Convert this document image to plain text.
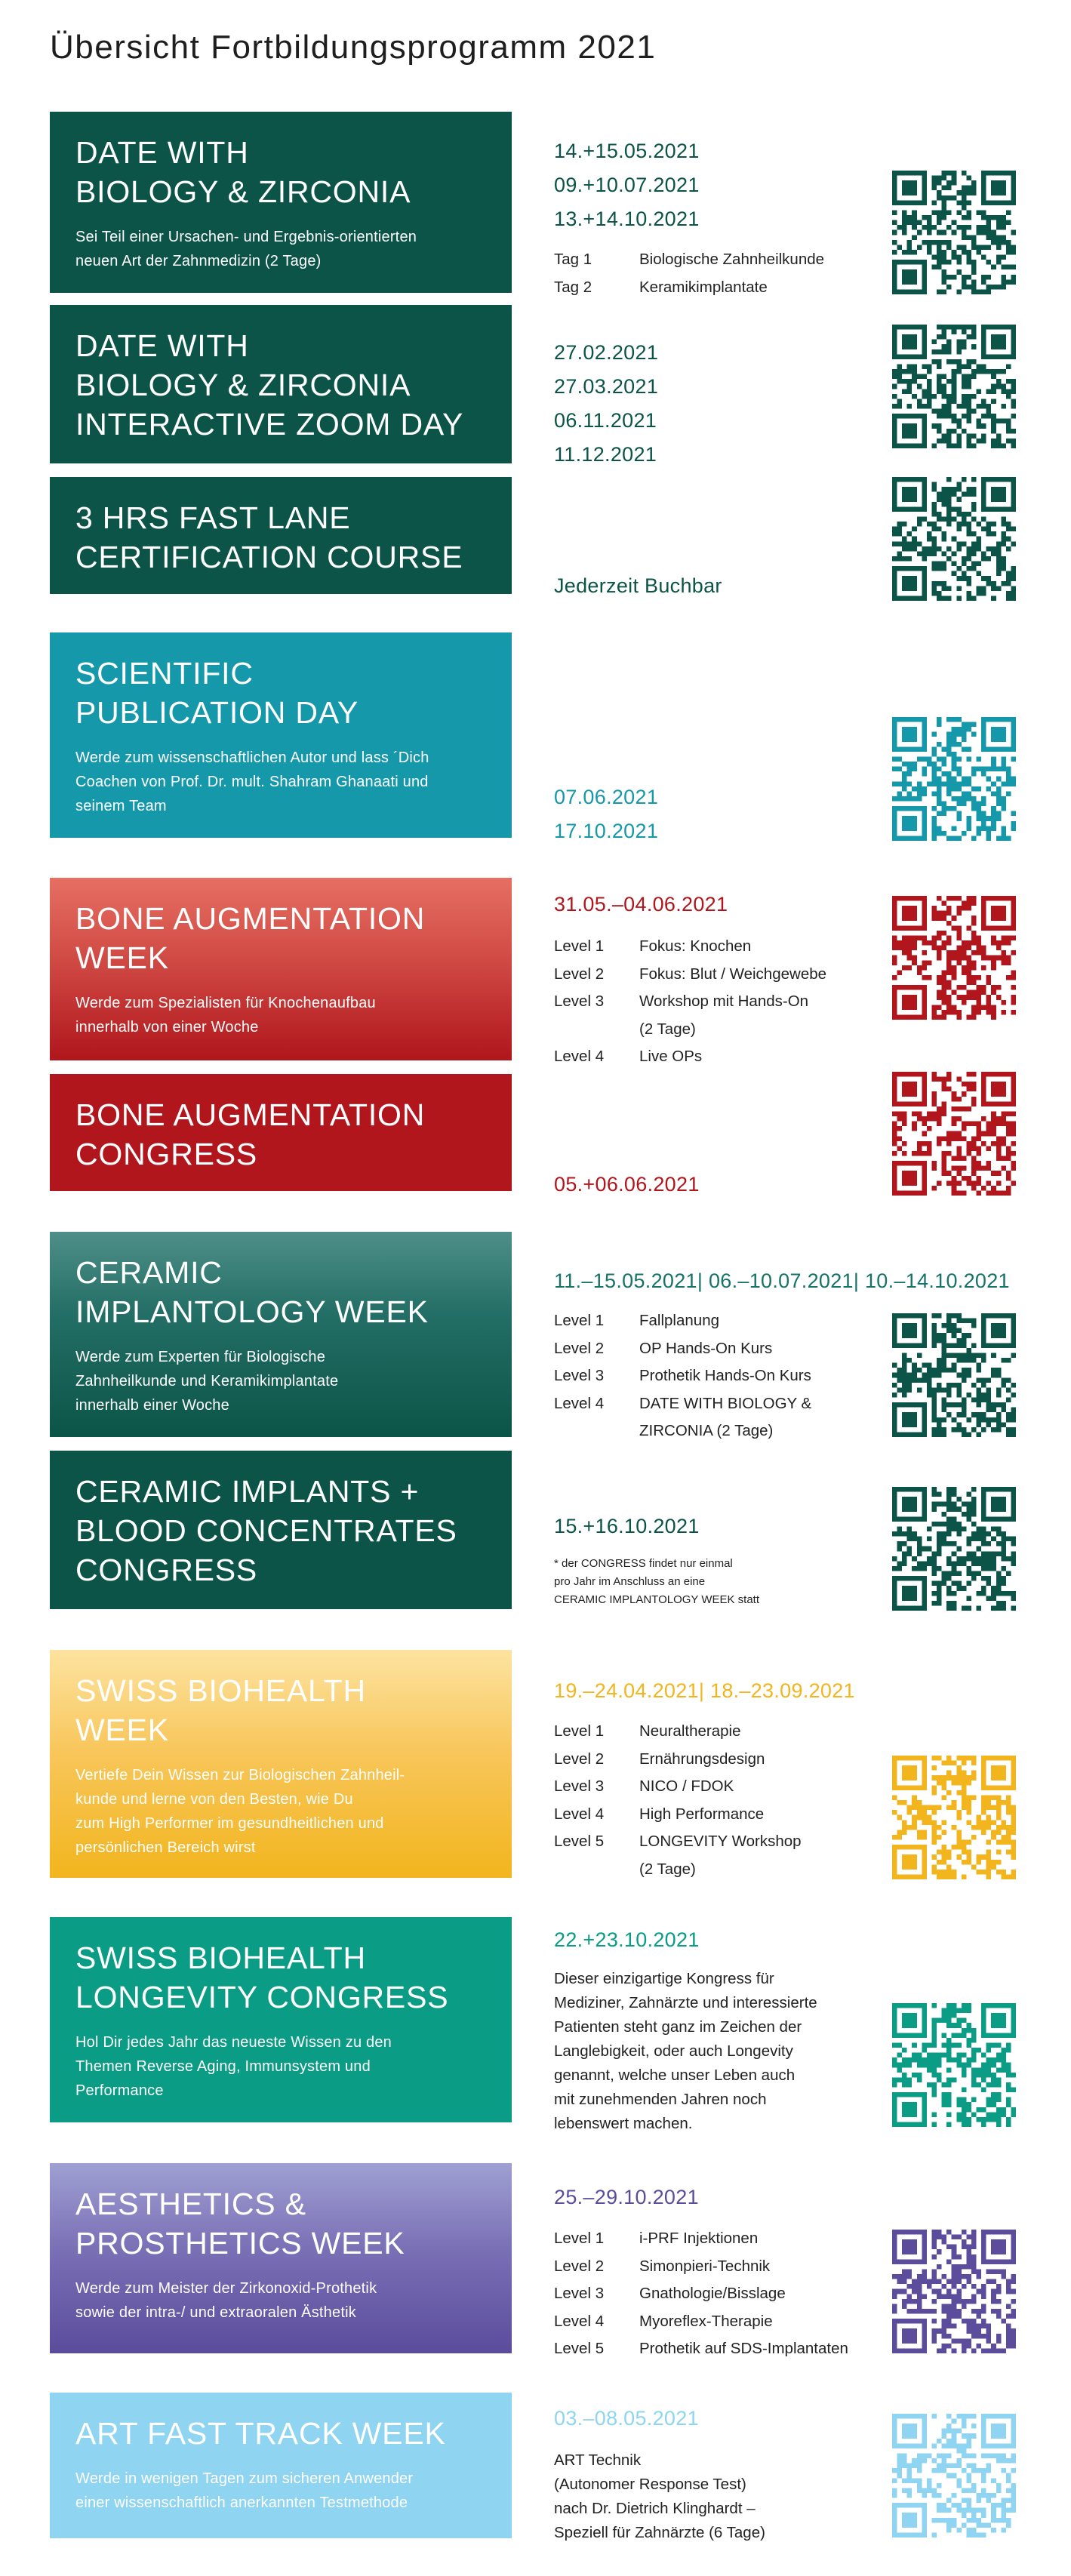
Übersicht Fortbildungsprogramm 2021
DATE WITH
BIOLOGY & ZIRCONIA

Sei Teil einer Ursachen- und Ergebnis-orientierten
neuen Art der Zahnmedizin (2 Tage)

14.+15.05.2021
09.+10.07.2021
13.+14.10.2021
Tag 1	Biologische Zahnheilkunde
Tag 2	Keramikimplantate
DATE WITH
BIOLOGY & ZIRCONIA
INTERACTIVE ZOOM DAY
27.02.2021
27.03.2021
06.11.2021
11.12.2021
3 HRS FAST LANE
CERTIFICATION COURSE
Jederzeit Buchbar
SCIENTIFIC
PUBLICATION DAY

Werde zum wissenschaftlichen Autor und lass ´Dich
Coachen von Prof. Dr. mult. Shahram Ghanaati und
seinem Team	07.06.2021
17.10.2021
BONE AUGMENTATION
WEEK

Werde zum Spezialisten für Knochenaufbau
innerhalb von einer Woche

31.05.–04.06.2021
Level 1	Fokus: Knochen
Level 2	Fokus: Blut / Weichgewebe
Level 3	Workshop mit Hands-On
(2 Tage)
Level 4	Live OPs
BONE AUGMENTATION
CONGRESS
05.+06.06.2021
CERAMIC
IMPLANTOLOGY WEEK

Werde zum Experten für Biologische
Zahnheilkunde und Keramikimplantate
innerhalb einer Woche

11.–15.05.2021| 06.–10.07.2021| 10.–14.10.2021
Level 1	Fallplanung
Level 2	OP Hands-On Kurs
Level 3	Prothetik Hands-On Kurs
Level 4	DATE WITH BIOLOGY &
ZIRCONIA (2 Tage)
CERAMIC IMPLANTS +
BLOOD CONCENTRATES
CONGRESS
15.+16.10.2021
* der CONGRESS findet nur einmal
pro Jahr im Anschluss an eine
CERAMIC IMPLANTOLOGY WEEK statt
SWISS BIOHEALTH
WEEK

Vertiefe Dein Wissen zur Biologischen Zahnheil-
kunde und lerne von den Besten, wie Du
zum High Performer im gesundheitlichen und
persönlichen Bereich wirst

19.–24.04.2021| 18.–23.09.2021
Level 1	Neuraltherapie
Level 2	Ernährungsdesign
Level 3	NICO / FDOK
Level 4	High Performance
Level 5	LONGEVITY Workshop
(2 Tage)
SWISS BIOHEALTH
LONGEVITY CONGRESS

Hol Dir jedes Jahr das neueste Wissen zu den
Themen Reverse Aging, Immunsystem und
Performance

22.+23.10.2021
Dieser einzigartige Kongress für
Mediziner, Zahnärzte und interessierte
Patienten steht ganz im Zeichen der
Langlebigkeit, oder auch Longevity
genannt, welche unser Leben auch
mit zunehmenden Jahren noch
lebenswert machen.
AESTHETICS &
PROSTHETICS WEEK

Werde zum Meister der Zirkonoxid-Prothetik
sowie der intra-/ und extraoralen Ästhetik

25.–29.10.2021
Level 1	i-PRF Injektionen
Level 2	Simonpieri-Technik
Level 3	Gnathologie/Bisslage
Level 4	Myoreflex-Therapie
Level 5	Prothetik auf SDS-Implantaten
ART FAST TRACK WEEK

Werde in wenigen Tagen zum sicheren Anwender
einer wissenschaftlich anerkannten Testmethode

03.–08.05.2021
ART Technik
(Autonomer Response Test)
nach Dr. Dietrich Klinghardt –
Speziell für Zahnärzte (6 Tage)
